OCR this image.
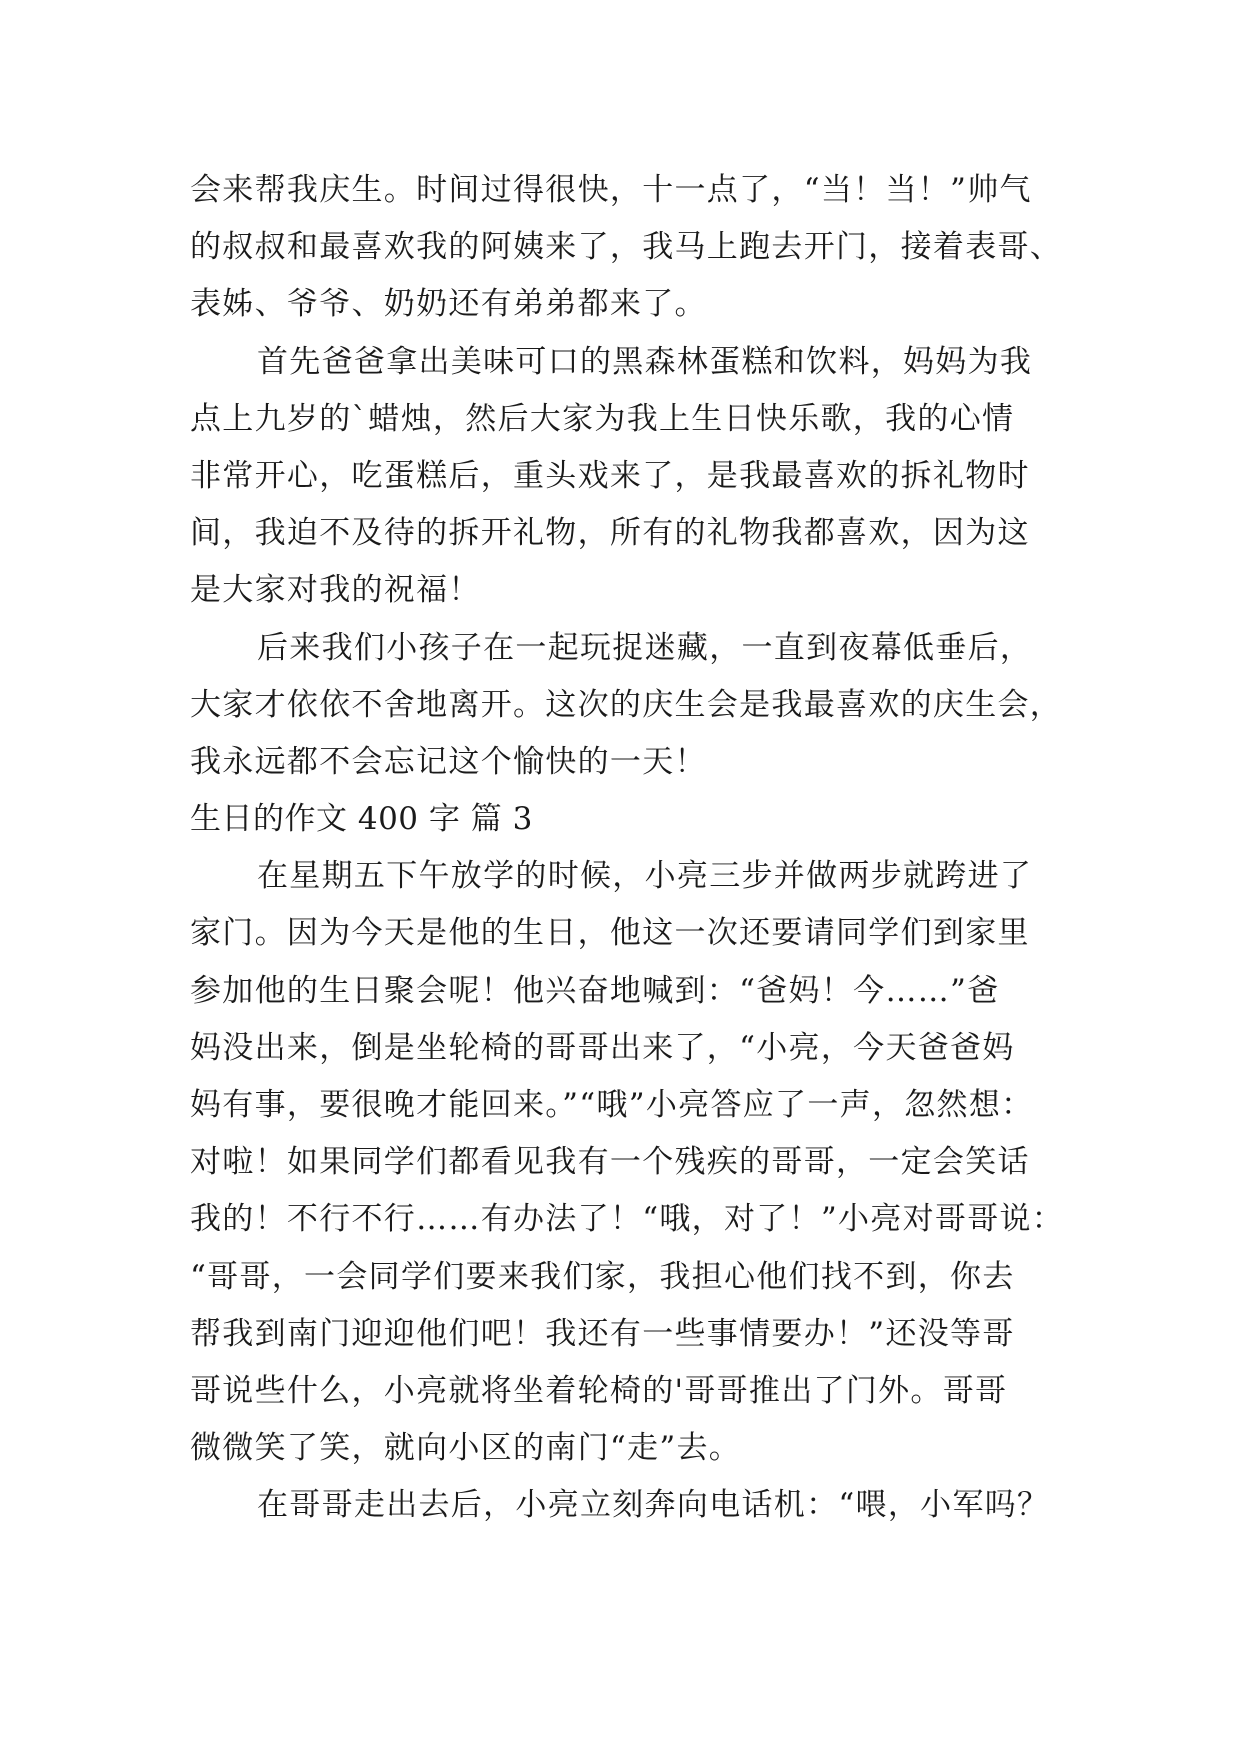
会来帮我庆生。时间过得很快，十一点了，“当！当！”帅气
的叔叔和最喜欢我的阿姨来了，我马上跑去开门，接着表哥、
表姊、爷爷、奶奶还有弟弟都来了。
首先爸爸拿出美味可口的黑森林蛋糕和饮料，妈妈为我
点上九岁的`蜡烛，然后大家为我上生日快乐歌，我的心情
非常开心，吃蛋糕后，重头戏来了，是我最喜欢的拆礼物时
间，我迫不及待的拆开礼物，所有的礼物我都喜欢，因为这
是大家对我的祝福！
后来我们小孩子在一起玩捉迷藏，一直到夜幕低垂后，
大家才依依不舍地离开。这次的庆生会是我最喜欢的庆生会，
我永远都不会忘记这个愉快的一天！
生日的作文 400 字 篇 3
在星期五下午放学的时候，小亮三步并做两步就跨进了
家门。因为今天是他的生日，他这一次还要请同学们到家里
参加他的生日聚会呢！他兴奋地喊到：“爸妈！今……”爸
妈没出来，倒是坐轮椅的哥哥出来了，“小亮，今天爸爸妈
妈有事，要很晚才能回来。”“哦”小亮答应了一声，忽然想：
对啦！如果同学们都看见我有一个残疾的哥哥，一定会笑话
我的！不行不行……有办法了！“哦，对了！”小亮对哥哥说：
“哥哥，一会同学们要来我们家，我担心他们找不到，你去
帮我到南门迎迎他们吧！我还有一些事情要办！”还没等哥
哥说些什么，小亮就将坐着轮椅的'哥哥推出了门外。哥哥
微微笑了笑，就向小区的南门“走”去。
在哥哥走出去后，小亮立刻奔向电话机：“喂，小军吗？
